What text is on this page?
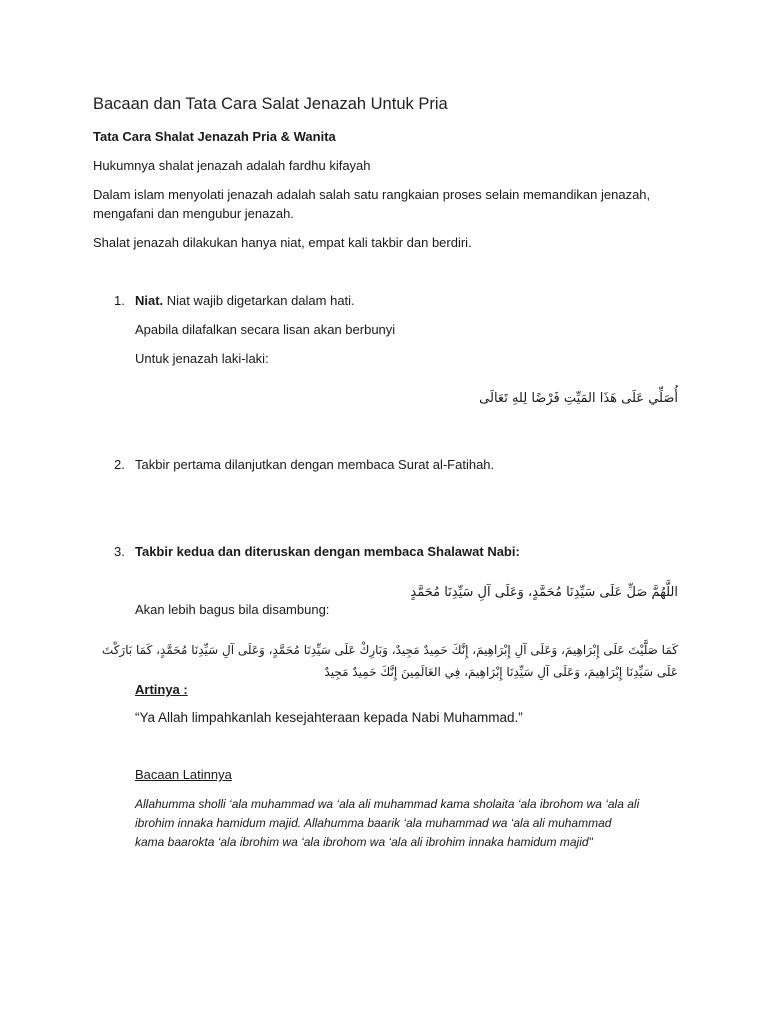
Bacaan dan Tata Cara Salat Jenazah Untuk Pria

Tata Cara Shalat Jenazah Pria & Wanita

Hukumnya shalat jenazah adalah fardhu kifayah

Dalam islam menyolati jenazah adalah salah satu rangkaian proses selain memandikan jenazah,

mengafani dan mengubur jenazah.

Shalat jenazah dilakukan hanya niat, empat kali takbir dan berdiri.

1. Niat. Niat wajib digetarkan dalam hati.

Apabila dilafalkan secara lisan akan berbunyi

Untuk jenazah laki-laki:

أُصَلِّي عَلَى هَذَا المَيِّتِ فَرْضًا لِلهِ تَعَالَى

2. Takbir pertama dilanjutkan dengan membaca Surat al-Fatihah.

3. Takbir kedua dan diteruskan dengan membaca Shalawat Nabi:

اللَّهُمَّ صَلِّ عَلَى سَيِّدِنَا مُحَمَّدٍ، وَعَلَى آلِ سَيِّدِنَا مُحَمَّدٍ

Akan lebih bagus bila disambung:

كَمَا صَلَّيْتَ عَلَى إِبْرَاهِيمَ، وَعَلَى آلِ إِبْرَاهِيمَ، إِنَّكَ حَمِيدٌ مَجِيدٌ، وَبَارِكْ عَلَى سَيِّدِنَا مُحَمَّدٍ، وَعَلَى آلِ سَيِّدِنَا مُحَمَّدٍ، كَمَا بَارَكْتَ

عَلَى سَيِّدِنَا إِبْرَاهِيمَ، وَعَلَى آلِ سَيِّدِنَا إِبْرَاهِيمَ، فِي العَالَمِينَ إِنَّكَ حَمِيدٌ مَجِيدٌ

Artinya :

“Ya Allah limpahkanlah kesejahteraan kepada Nabi Muhammad.”

Bacaan Latinnya

Allahumma sholli ‘ala muhammad wa ‘ala ali muhammad kama sholaita ‘ala ibrohom wa ‘ala ali

ibrohim innaka hamidum majid. Allahumma baarik ‘ala muhammad wa ‘ala ali muhammad

kama baarokta ‘ala ibrohim wa ‘ala ibrohom wa ‘ala ali ibrohim innaka hamidum majid"
